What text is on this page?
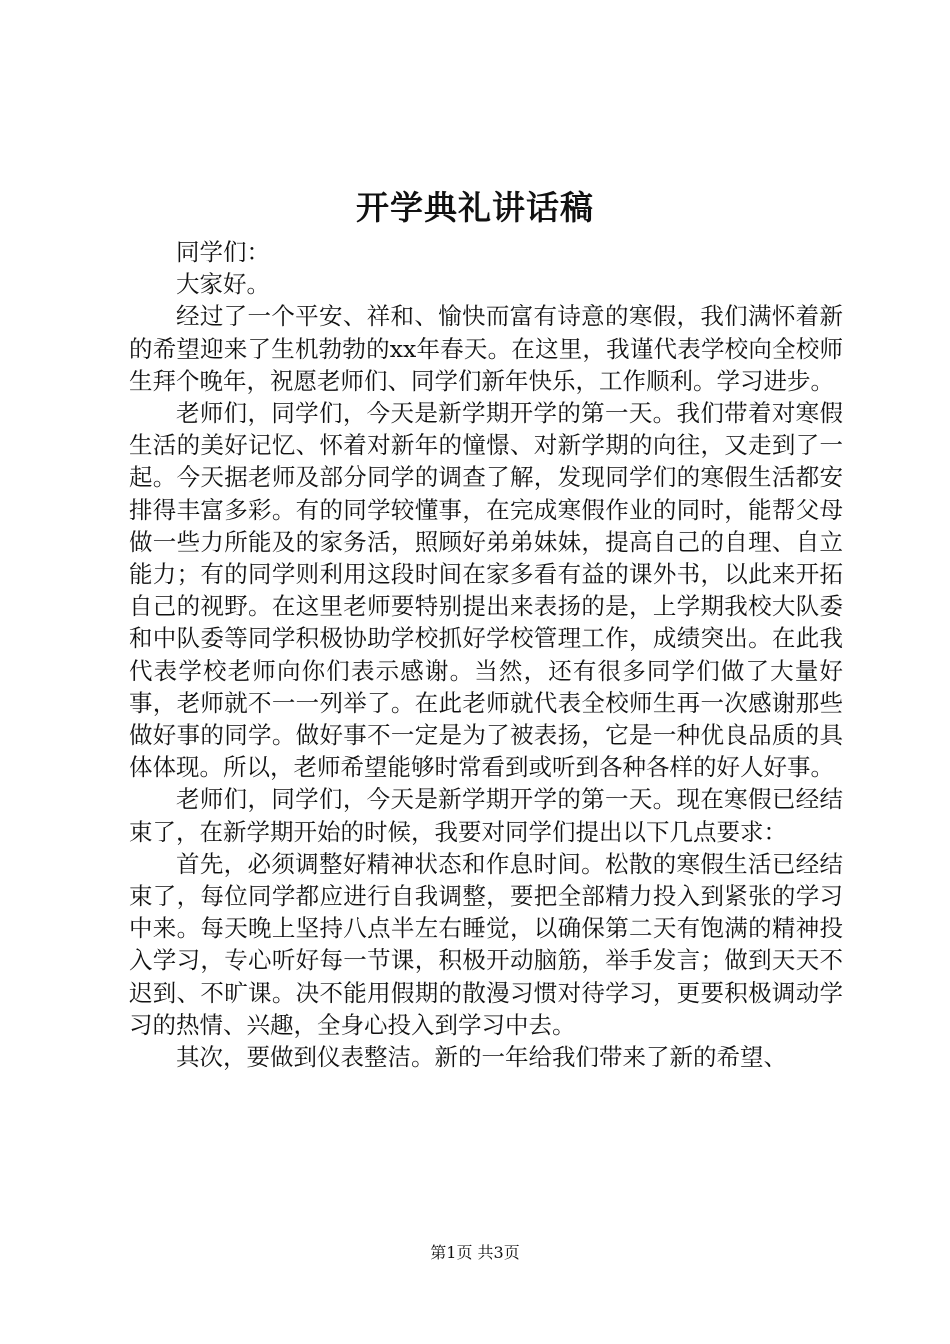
开学典礼讲话稿

同学们：

大家好。

经过了一个平安、祥和、愉快而富有诗意的寒假，我们满怀着新的希望迎来了生机勃勃的xx年春天。在这里，我谨代表学校向全校师生拜个晚年，祝愿老师们、同学们新年快乐，工作顺利。学习进步。

老师们，同学们，今天是新学期开学的第一天。我们带着对寒假生活的美好记忆、怀着对新年的憧憬、对新学期的向往，又走到了一起。今天据老师及部分同学的调查了解，发现同学们的寒假生活都安排得丰富多彩。有的同学较懂事，在完成寒假作业的同时，能帮父母做一些力所能及的家务活，照顾好弟弟妹妹，提高自己的自理、自立能力；有的同学则利用这段时间在家多看有益的课外书，以此来开拓自己的视野。在这里老师要特别提出来表扬的是，上学期我校大队委和中队委等同学积极协助学校抓好学校管理工作，成绩突出。在此我代表学校老师向你们表示感谢。当然，还有很多同学们做了大量好事，老师就不一一列举了。在此老师就代表全校师生再一次感谢那些做好事的同学。做好事不一定是为了被表扬，它是一种优良品质的具体体现。所以，老师希望能够时常看到或听到各种各样的好人好事。

老师们，同学们，今天是新学期开学的第一天。现在寒假已经结束了，在新学期开始的时候，我要对同学们提出以下几点要求：

首先，必须调整好精神状态和作息时间。松散的寒假生活已经结束了，每位同学都应进行自我调整，要把全部精力投入到紧张的学习中来。每天晚上坚持八点半左右睡觉，以确保第二天有饱满的精神投入学习，专心听好每一节课，积极开动脑筋，举手发言；做到天天不迟到、不旷课。决不能用假期的散漫习惯对待学习，更要积极调动学习的热情、兴趣，全身心投入到学习中去。

其次，要做到仪表整洁。新的一年给我们带来了新的希望、

第1页 共3页
